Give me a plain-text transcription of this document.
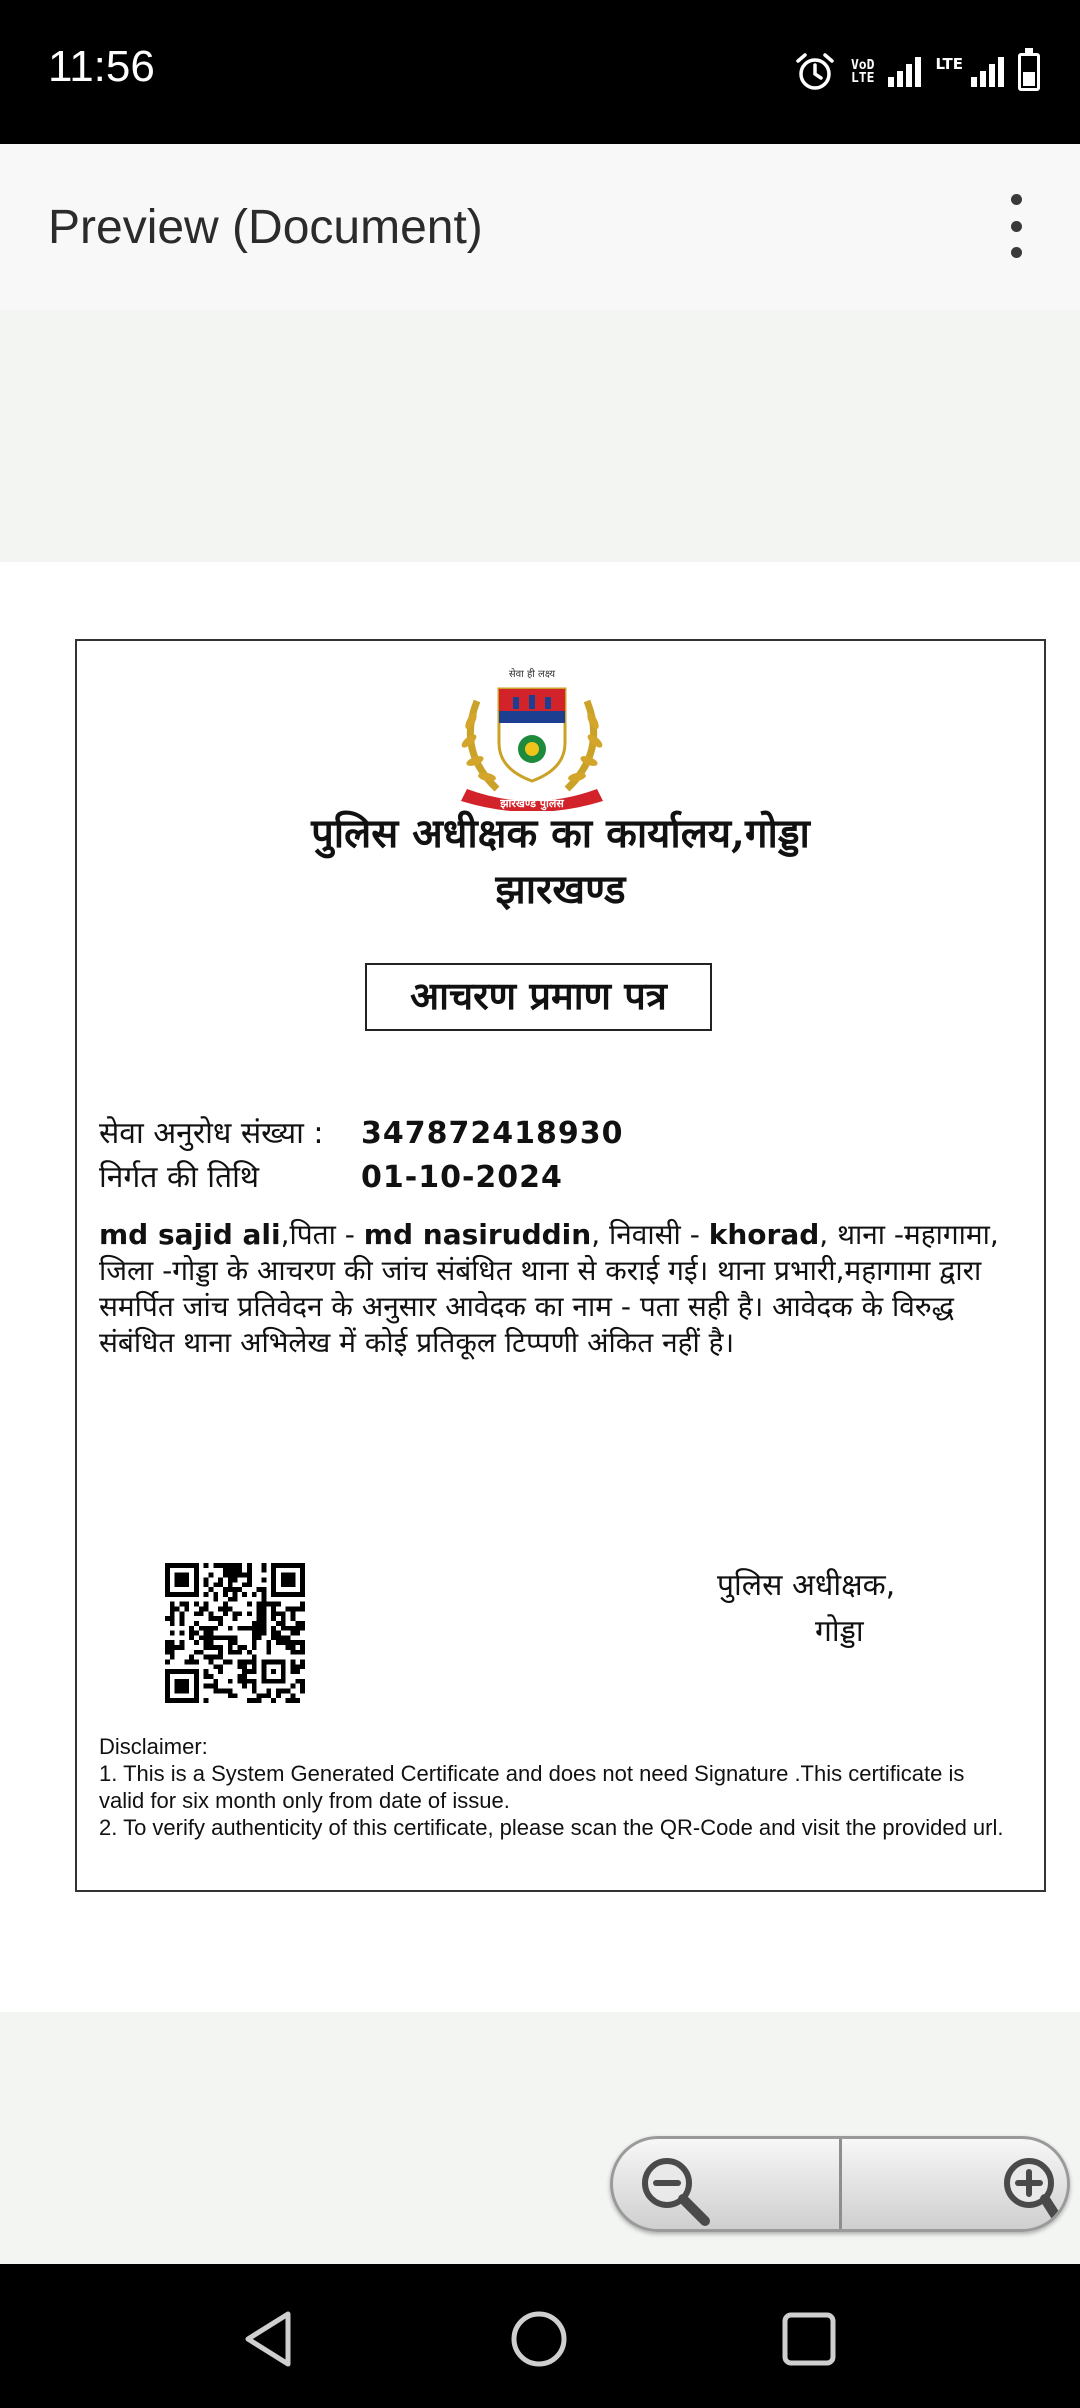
11:56	VoD
LTE
LTE
Preview (Document)
सेवा ही लक्ष्य
झारखण्ड पुलिस
पुलिस अधीक्षक का कार्यालय,गोड्डा
झारखण्ड
आचरण प्रमाण पत्र
सेवा अनुरोध संख्या : 347872418930
निर्गत की तिथि	01-10-2024
md sajid ali,पिता - md nasiruddin, निवासी - khorad, थाना -महागामा, जिला -गोड्डा के आचरण की जांच संबंधित थाना से कराई गई। थाना प्रभारी,महागामा द्वारा समर्पित जांच प्रतिवेदन के अनुसार आवेदक का नाम - पता सही है। आवेदक के विरुद्ध संबंधित थाना अभिलेख में कोई प्रतिकूल टिप्पणी अंकित नहीं है।
पुलिस अधीक्षक,
गोड्डा
Disclaimer:
1. This is a System Generated Certificate and does not need Signature .This certificate is valid for six month only from date of issue.
2. To verify authenticity of this certificate, please scan the QR-Code and visit the provided url.
